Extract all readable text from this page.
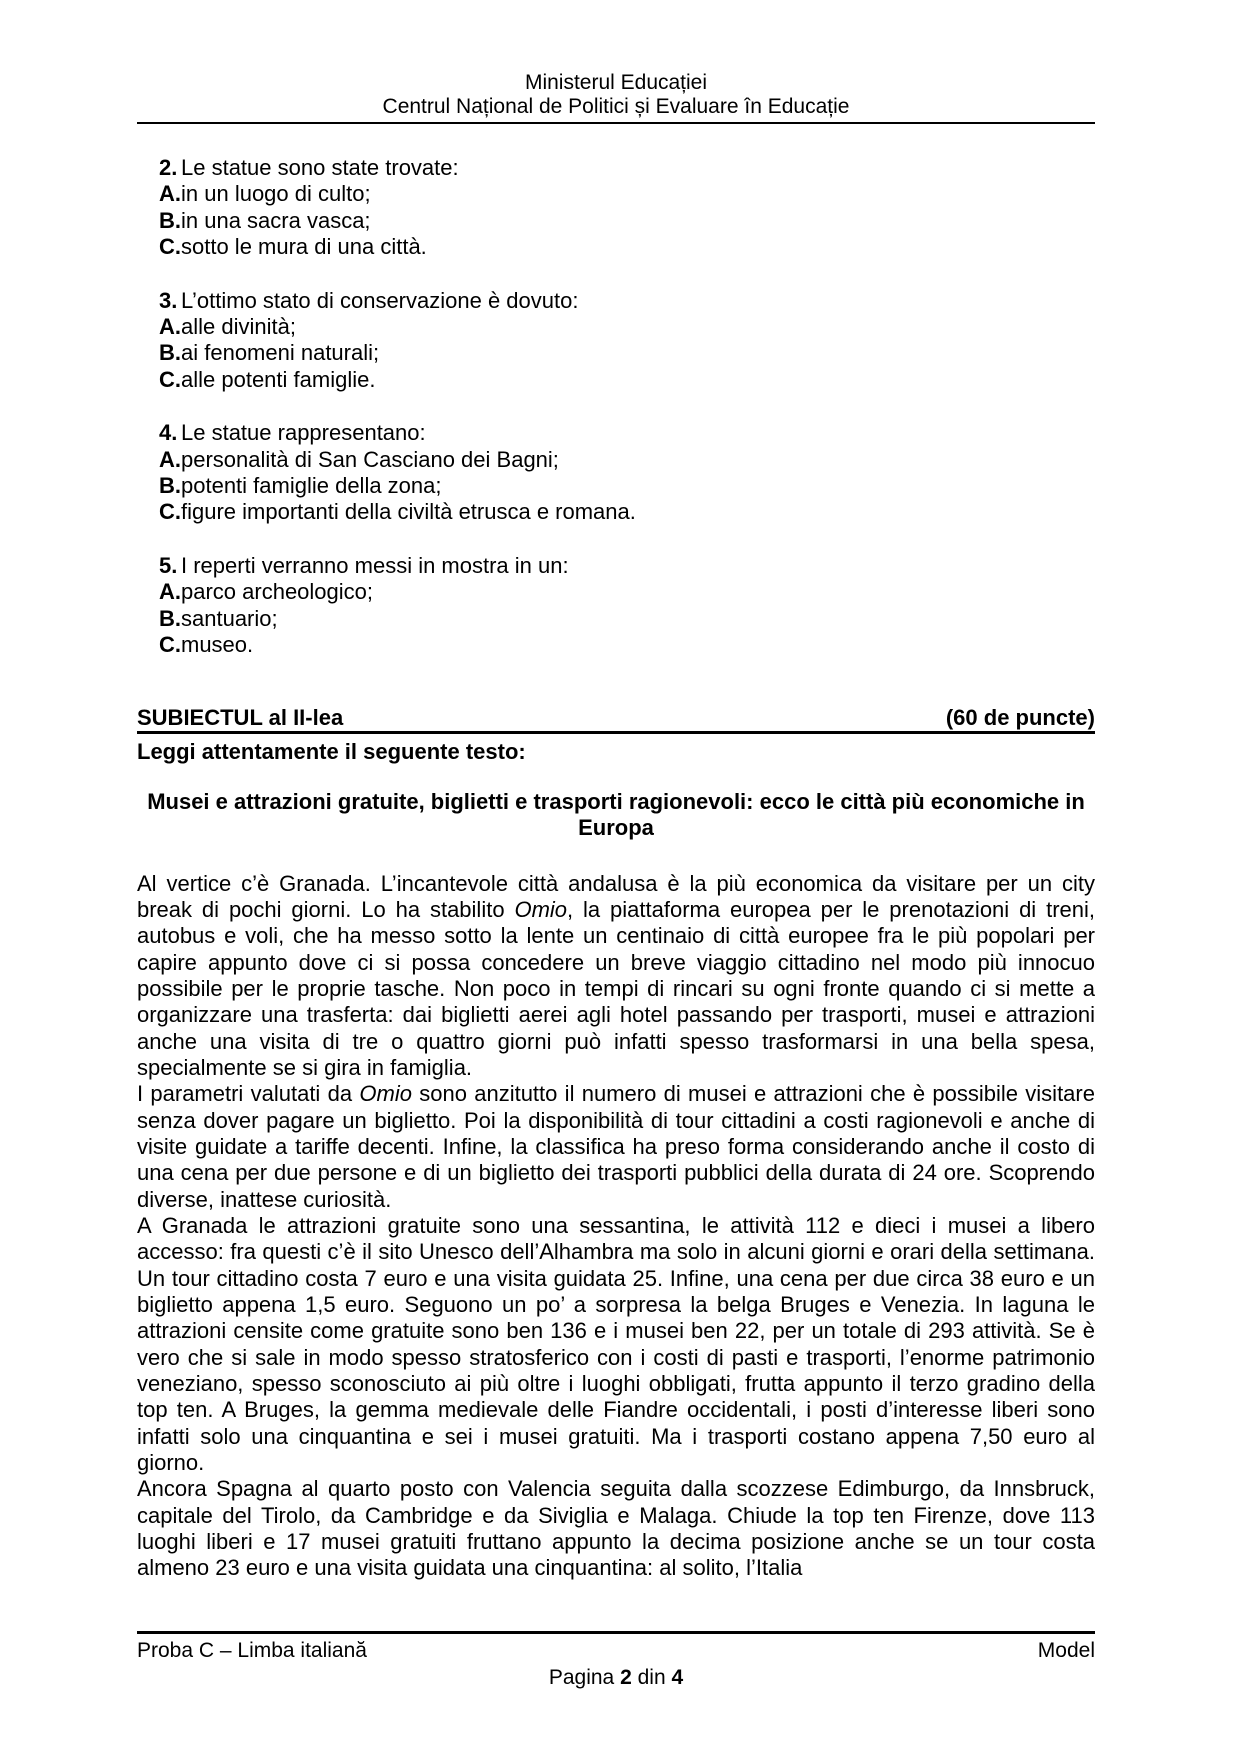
Ministerul Educației
Centrul Național de Politici și Evaluare în Educație
2. Le statue sono state trovate:
A. in un luogo di culto;
B. in una sacra vasca;
C. sotto le mura di una città.
3. L’ottimo stato di conservazione è dovuto:
A. alle divinità;
B. ai fenomeni naturali;
C. alle potenti famiglie.
4. Le statue rappresentano:
A. personalità di San Casciano dei Bagni;
B. potenti famiglie della zona;
C. figure importanti della civiltà etrusca e romana.
5. I reperti verranno messi in mostra in un:
A. parco archeologico;
B. santuario;
C. museo.
SUBIECTUL al II-lea	(60 de puncte)
Leggi attentamente il seguente testo:
Musei e attrazioni gratuite, biglietti e trasporti ragionevoli: ecco le città più economiche in Europa

Al vertice c’è Granada. L’incantevole città andalusa è la più economica da visitare per un city break di pochi giorni. Lo ha stabilito Omio, la piattaforma europea per le prenotazioni di treni, autobus e voli, che ha messo sotto la lente un centinaio di città europee fra le più popolari per capire appunto dove ci si possa concedere un breve viaggio cittadino nel modo più innocuo possibile per le proprie tasche. Non poco in tempi di rincari su ogni fronte quando ci si mette a organizzare una trasferta: dai biglietti aerei agli hotel passando per trasporti, musei e attrazioni anche una visita di tre o quattro giorni può infatti spesso trasformarsi in una bella spesa, specialmente se si gira in famiglia.

I parametri valutati da Omio sono anzitutto il numero di musei e attrazioni che è possibile visitare senza dover pagare un biglietto. Poi la disponibilità di tour cittadini a costi ragionevoli e anche di visite guidate a tariffe decenti. Infine, la classifica ha preso forma considerando anche il costo di una cena per due persone e di un biglietto dei trasporti pubblici della durata di 24 ore. Scoprendo diverse, inattese curiosità.

A Granada le attrazioni gratuite sono una sessantina, le attività 112 e dieci i musei a libero accesso: fra questi c’è il sito Unesco dell’Alhambra ma solo in alcuni giorni e orari della settimana. Un tour cittadino costa 7 euro e una visita guidata 25. Infine, una cena per due circa 38 euro e un biglietto appena 1,5 euro. Seguono un po’ a sorpresa la belga Bruges e Venezia. In laguna le attrazioni censite come gratuite sono ben 136 e i musei ben 22, per un totale di 293 attività. Se è vero che si sale in modo spesso stratosferico con i costi di pasti e trasporti, l’enorme patrimonio veneziano, spesso sconosciuto ai più oltre i luoghi obbligati, frutta appunto il terzo gradino della top ten. A Bruges, la gemma medievale delle Fiandre occidentali, i posti d’interesse liberi sono infatti solo una cinquantina e sei i musei gratuiti. Ma i trasporti costano appena 7,50 euro al giorno.

Ancora Spagna al quarto posto con Valencia seguita dalla scozzese Edimburgo, da Innsbruck, capitale del Tirolo, da Cambridge e da Siviglia e Malaga. Chiude la top ten Firenze, dove 113 luoghi liberi e 17 musei gratuiti fruttano appunto la decima posizione anche se un tour costa almeno 23 euro e una visita guidata una cinquantina: al solito, l’Italia

Proba C – Limba italiană	Model
Pagina 2 din 4
